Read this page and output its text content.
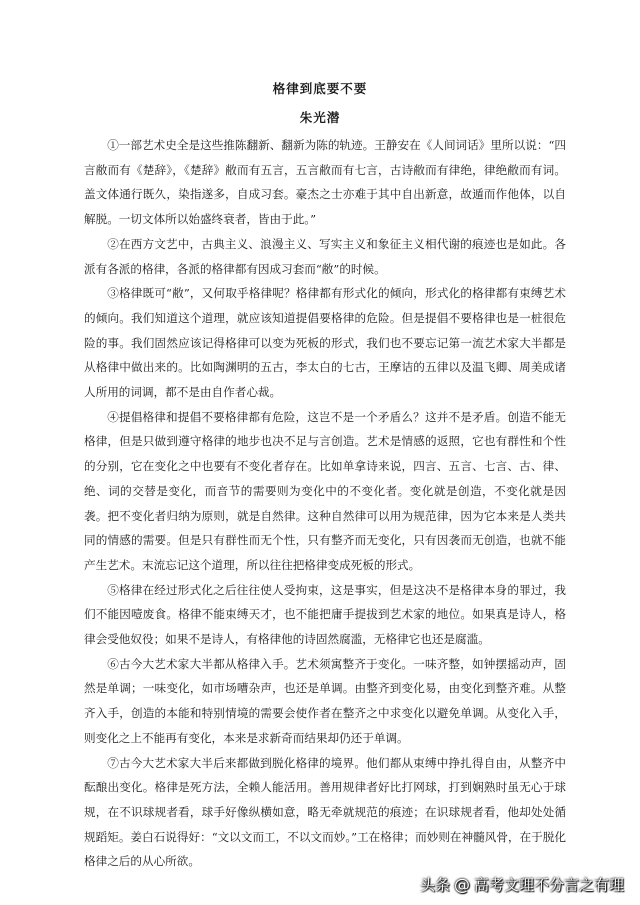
格律到底要不要
朱光潜

①一部艺术史全是这些推陈翻新、翻新为陈的轨迹。王静安在《人间词话》里所以说：“四言敝而有《楚辞》，《楚辞》敝而有五言，五言敝而有七言，古诗敝而有律绝，律绝敝而有词。盖文体通行既久，染指遂多，自成习套。豪杰之士亦难于其中自出新意，故遁而作他体，以自解脱。一切文体所以始盛终衰者，皆由于此。”

②在西方文艺中，古典主义、浪漫主义、写实主义和象征主义相代谢的痕迹也是如此。各派有各派的格律，各派的格律都有因成习套而“敝”的时候。

③格律既可“敝”，又何取乎格律呢？格律都有形式化的倾向，形式化的格律都有束缚艺术的倾向。我们知道这个道理，就应该知道提倡要格律的危险。但是提倡不要格律也是一桩很危险的事。我们固然应该记得格律可以变为死板的形式，我们也不要忘记第一流艺术家大半都是从格律中做出来的。比如陶渊明的五古，李太白的七古，王摩诘的五律以及温飞卿、周美成诸人所用的词调，都不是由自作者心裁。

④提倡格律和提倡不要格律都有危险，这岂不是一个矛盾么？这并不是矛盾。创造不能无格律，但是只做到遵守格律的地步也决不足与言创造。艺术是情感的返照，它也有群性和个性的分别，它在变化之中也要有不变化者存在。比如单拿诗来说，四言、五言、七言、古、律、绝、词的交替是变化，而音节的需要则为变化中的不变化者。变化就是创造，不变化就是因袭。把不变化者归纳为原则，就是自然律。这种自然律可以用为规范律，因为它本来是人类共同的情感的需要。但是只有群性而无个性，只有整齐而无变化，只有因袭而无创造，也就不能产生艺术。末流忘记这个道理，所以往往把格律变成死板的形式。

⑤格律在经过形式化之后往往使人受拘束，这是事实，但是这决不是格律本身的罪过，我们不能因噎废食。格律不能束缚天才，也不能把庸手提拔到艺术家的地位。如果真是诗人，格律会受他奴役；如果不是诗人，有格律他的诗固然腐滥，无格律它也还是腐滥。

⑥古今大艺术家大半都从格律入手。艺术须寓整齐于变化。一味齐整，如钟摆摇动声，固然是单调；一味变化，如市场嘈杂声，也还是单调。由整齐到变化易，由变化到整齐难。从整齐入手，创造的本能和特别情境的需要会使作者在整齐之中求变化以避免单调。从变化入手，则变化之上不能再有变化，本来是求新奇而结果却仍还于单调。

⑦古今大艺术家大半后来都做到脱化格律的境界。他们都从束缚中挣扎得自由，从整齐中酝酿出变化。格律是死方法，全赖人能活用。善用规律者好比打网球，打到娴熟时虽无心于球规，在不识球规者看，球手好像纵横如意，略无牵就规范的痕迹；在识球规者看，他却处处循规蹈矩。姜白石说得好：“文以文而工，不以文而妙。”工在格律；而妙则在神髓风骨，在于脱化格律之后的从心所欲。

头条 @ 高考文理不分言之有理
